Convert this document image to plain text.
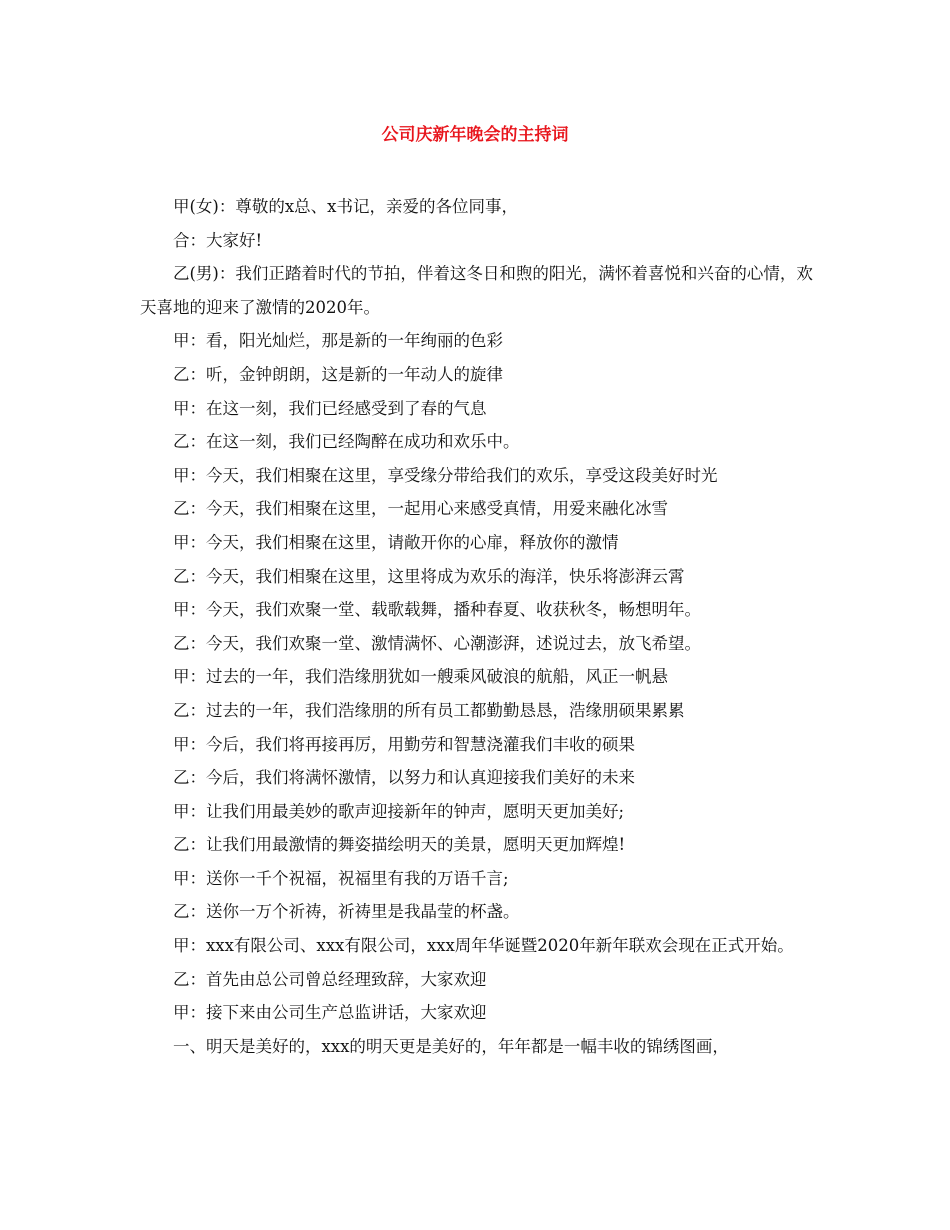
公司庆新年晚会的主持词

甲(女)：尊敬的x总、x书记，亲爱的各位同事，

合：大家好!

乙(男)：我们正踏着时代的节拍，伴着这冬日和煦的阳光，满怀着喜悦和兴奋的心情，欢天喜地的迎来了激情的2020年。

甲：看，阳光灿烂，那是新的一年绚丽的色彩

乙：听，金钟朗朗，这是新的一年动人的旋律

甲：在这一刻，我们已经感受到了春的气息

乙：在这一刻，我们已经陶醉在成功和欢乐中。

甲：今天，我们相聚在这里，享受缘分带给我们的欢乐，享受这段美好时光

乙：今天，我们相聚在这里，一起用心来感受真情，用爱来融化冰雪

甲：今天，我们相聚在这里，请敞开你的心扉，释放你的激情

乙：今天，我们相聚在这里，这里将成为欢乐的海洋，快乐将澎湃云霄

甲：今天，我们欢聚一堂、载歌载舞，播种春夏、收获秋冬，畅想明年。

乙：今天，我们欢聚一堂、激情满怀、心潮澎湃，述说过去，放飞希望。

甲：过去的一年，我们浩缘朋犹如一艘乘风破浪的航船，风正一帆悬

乙：过去的一年，我们浩缘朋的所有员工都勤勤恳恳，浩缘朋硕果累累

甲：今后，我们将再接再厉，用勤劳和智慧浇灌我们丰收的硕果

乙：今后，我们将满怀激情，以努力和认真迎接我们美好的未来

甲：让我们用最美妙的歌声迎接新年的钟声，愿明天更加美好;

乙：让我们用最激情的舞姿描绘明天的美景，愿明天更加辉煌!

甲：送你一千个祝福，祝福里有我的万语千言;

乙：送你一万个祈祷，祈祷里是我晶莹的杯盏。

甲：xxx有限公司、xxx有限公司，xxx周年华诞暨2020年新年联欢会现在正式开始。

乙：首先由总公司曾总经理致辞，大家欢迎

甲：接下来由公司生产总监讲话，大家欢迎

一、明天是美好的，xxx的明天更是美好的，年年都是一幅丰收的锦绣图画，
